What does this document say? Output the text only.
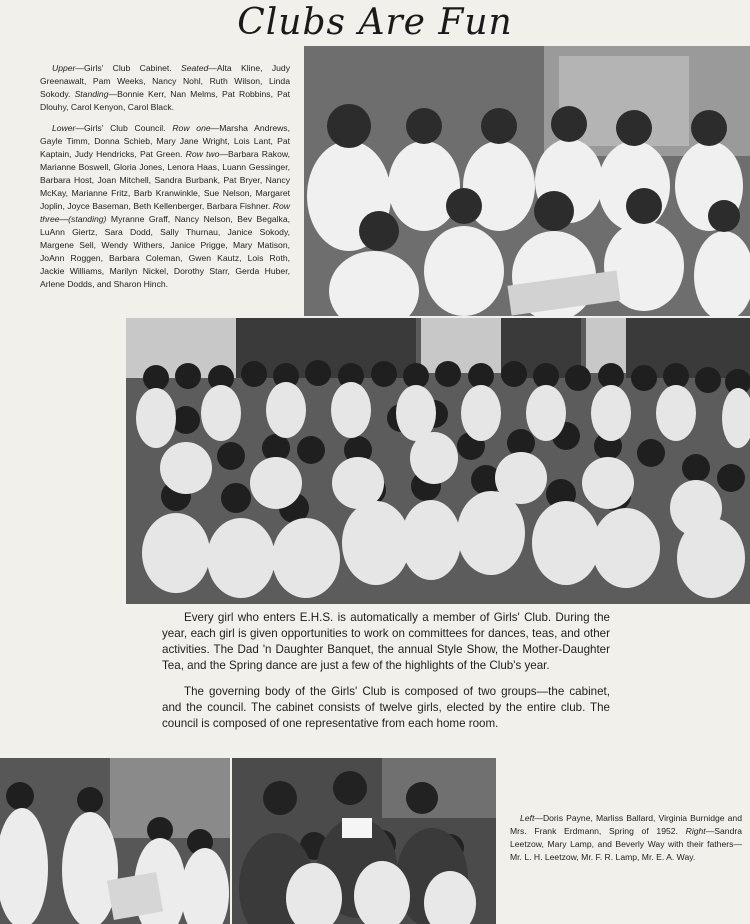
Clubs Are Fun

Upper—Girls' Club Cabinet. Seated—Alta Kline, Judy Greenawalt, Pam Weeks, Nancy Nohl, Ruth Wilson, Linda Sokody. Standing—Bonnie Kerr, Nan Melms, Pat Robbins, Pat Dlouhy, Carol Kenyon, Carol Black.

Lower—Girls' Club Council. Row one—Marsha Andrews, Gayle Timm, Donna Schieb, Mary Jane Wright, Lois Lant, Pat Kaptain, Judy Hendricks, Pat Green. Row two—Barbara Rakow, Marianne Boswell, Gloria Jones, Lenora Haas, Luann Gessinger, Barbara Host, Joan Mitchell, Sandra Burbank, Pat Bryer, Nancy McKay, Marianne Fritz, Barb Kranwinkle, Sue Nelson, Margaret Joplin, Joyce Baseman, Beth Kellenberger, Barbara Fishner. Row three—(standing) Myranne Graff, Nancy Nelson, Bev Begalka, LuAnn Giertz, Sara Dodd, Sally Thurnau, Janice Sokody, Margene Sell, Wendy Withers, Janice Prigge, Mary Matison, JoAnn Roggen, Barbara Coleman, Gwen Kautz, Lois Roth, Jackie Williams, Marilyn Nickel, Dorothy Starr, Gerda Huber, Arlene Dodds, and Sharon Hinch.

Every girl who enters E.H.S. is automatically a member of Girls' Club. During the year, each girl is given opportunities to work on committees for dances, teas, and other activities. The Dad 'n Daughter Banquet, the annual Style Show, the Mother-Daughter Tea, and the Spring dance are just a few of the highlights of the Club's year.

The governing body of the Girls' Club is composed of two groups—the cabinet, and the council. The cabinet consists of twelve girls, elected by the entire club. The council is composed of one representative from each home room.

Left—Doris Payne, Marliss Ballard, Virginia Burnidge and Mrs. Frank Erdmann, Spring of 1952. Right—Sandra Leetzow, Mary Lamp, and Beverly Way with their fathers—Mr. L. H. Leetzow, Mr. F. R. Lamp, Mr. E. A. Way.
